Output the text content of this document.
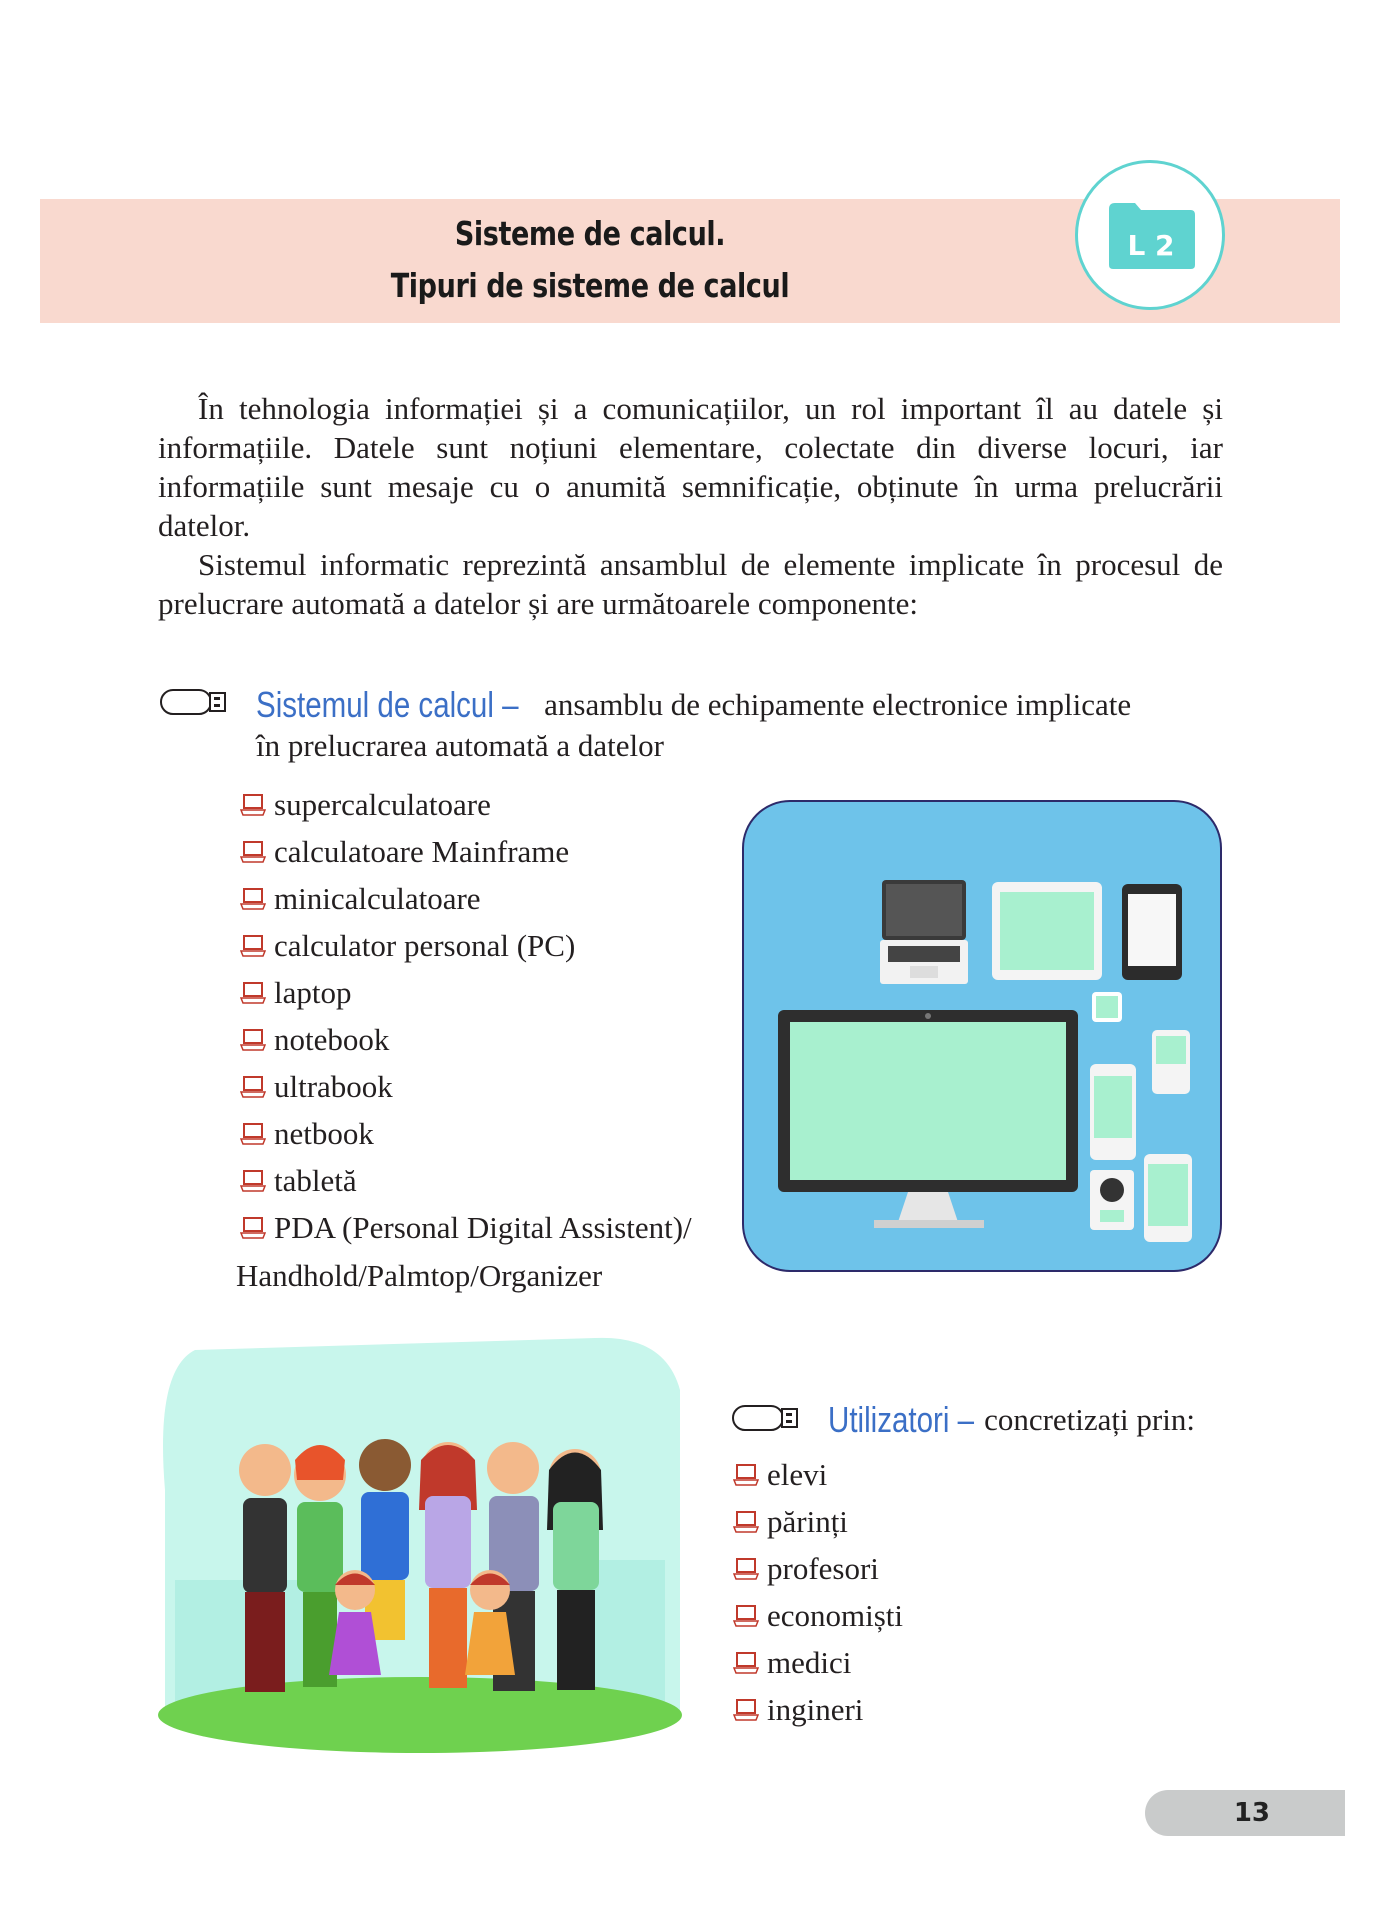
Sisteme de calcul.
Tipuri de sisteme de calcul
L 2
În tehnologia informației și a comunicațiilor, un rol important îl au datele și informațiile. Datele sunt noțiuni elementare, colectate din diverse locuri, iar informațiile sunt mesaje cu o anumită semnificație, obținute în urma prelucrării datelor.
Sistemul informatic reprezintă ansamblul de elemente implicate în procesul de prelucrare automată a datelor și are următoarele componente:
Sistemul de calcul – ansamblu de echipamente electronice implicate
în prelucrarea automată a datelor
supercalculatoare
calculatoare Mainframe
minicalculatoare
calculator personal (PC)
laptop
notebook
ultrabook
netbook
tabletă
PDA (Personal Digital Assistent)/
Handhold/Palmtop/Organizer
Utilizatori – concretizați prin:
elevi
părinți
profesori
economiști
medici
ingineri
13
